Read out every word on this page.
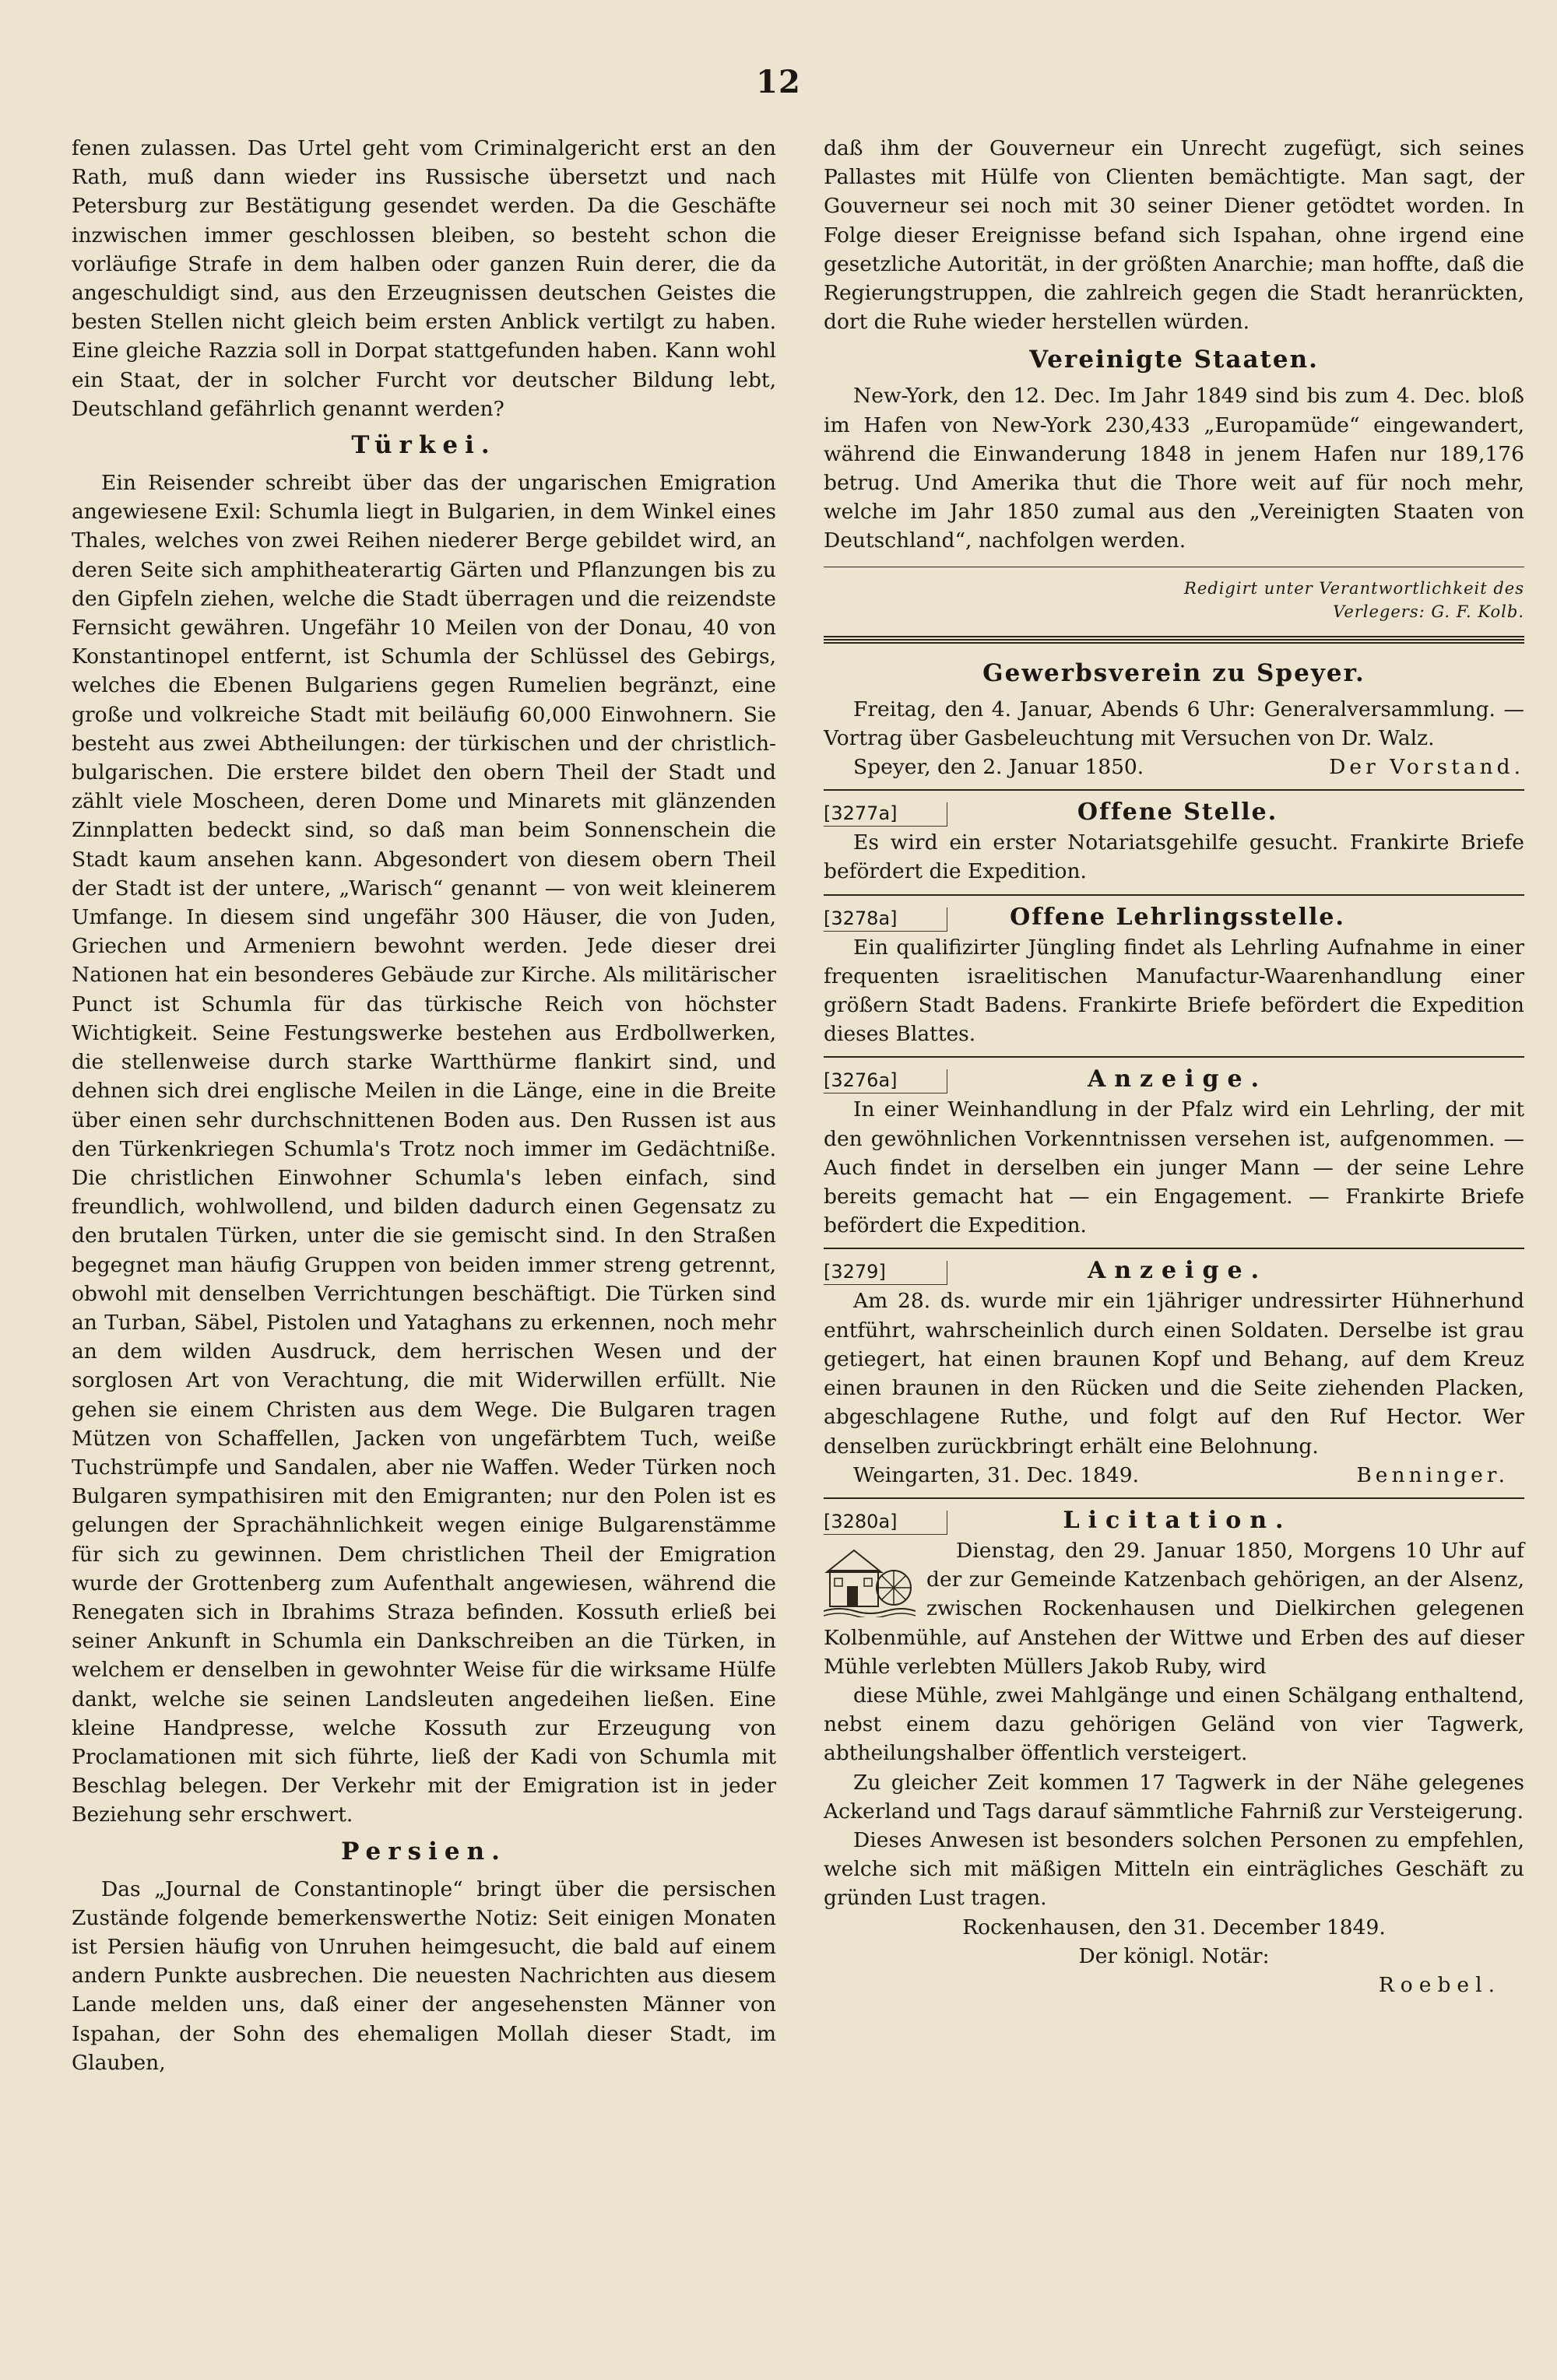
12

fenen zulassen. Das Urtel geht vom Criminalgericht erst an den Rath, muß dann wieder ins Russische übersetzt und nach Petersburg zur Bestätigung gesendet werden. Da die Geschäfte inzwischen immer geschlossen bleiben, so besteht schon die vorläufige Strafe in dem halben oder ganzen Ruin derer, die da angeschuldigt sind, aus den Erzeugnissen deutschen Geistes die besten Stellen nicht gleich beim ersten Anblick vertilgt zu haben. Eine gleiche Razzia soll in Dorpat stattgefunden haben. Kann wohl ein Staat, der in solcher Furcht vor deutscher Bildung lebt, Deutschland gefährlich genannt werden?

Türkei.

Ein Reisender schreibt über das der ungarischen Emigration angewiesene Exil: Schumla liegt in Bulgarien, in dem Winkel eines Thales, welches von zwei Reihen niederer Berge gebildet wird, an deren Seite sich amphitheaterartig Gärten und Pflanzungen bis zu den Gipfeln ziehen, welche die Stadt überragen und die reizendste Fernsicht gewähren. Ungefähr 10 Meilen von der Donau, 40 von Konstantinopel entfernt, ist Schumla der Schlüssel des Gebirgs, welches die Ebenen Bulgariens gegen Rumelien begränzt, eine große und volkreiche Stadt mit beiläufig 60,000 Einwohnern. Sie besteht aus zwei Abtheilungen: der türkischen und der christlich-bulgarischen. Die erstere bildet den obern Theil der Stadt und zählt viele Moscheen, deren Dome und Minarets mit glänzenden Zinnplatten bedeckt sind, so daß man beim Sonnenschein die Stadt kaum ansehen kann. Abgesondert von diesem obern Theil der Stadt ist der untere, „Warisch“ genannt — von weit kleinerem Umfange. In diesem sind ungefähr 300 Häuser, die von Juden, Griechen und Armeniern bewohnt werden. Jede dieser drei Nationen hat ein besonderes Gebäude zur Kirche. Als militärischer Punct ist Schumla für das türkische Reich von höchster Wichtigkeit. Seine Festungswerke bestehen aus Erdbollwerken, die stellenweise durch starke Wartthürme flankirt sind, und dehnen sich drei englische Meilen in die Länge, eine in die Breite über einen sehr durchschnittenen Boden aus. Den Russen ist aus den Türkenkriegen Schumla's Trotz noch immer im Gedächtniße. Die christlichen Einwohner Schumla's leben einfach, sind freundlich, wohlwollend, und bilden dadurch einen Gegensatz zu den brutalen Türken, unter die sie gemischt sind. In den Straßen begegnet man häufig Gruppen von beiden immer streng getrennt, obwohl mit denselben Verrichtungen beschäftigt. Die Türken sind an Turban, Säbel, Pistolen und Yataghans zu erkennen, noch mehr an dem wilden Ausdruck, dem herrischen Wesen und der sorglosen Art von Verachtung, die mit Widerwillen erfüllt. Nie gehen sie einem Christen aus dem Wege. Die Bulgaren tragen Mützen von Schaffellen, Jacken von ungefärbtem Tuch, weiße Tuchstrümpfe und Sandalen, aber nie Waffen. Weder Türken noch Bulgaren sympathisiren mit den Emigranten; nur den Polen ist es gelungen der Sprachähnlichkeit wegen einige Bulgarenstämme für sich zu gewinnen. Dem christlichen Theil der Emigration wurde der Grottenberg zum Aufenthalt angewiesen, während die Renegaten sich in Ibrahims Straza befinden. Kossuth erließ bei seiner Ankunft in Schumla ein Dankschreiben an die Türken, in welchem er denselben in gewohnter Weise für die wirksame Hülfe dankt, welche sie seinen Landsleuten angedeihen ließen. Eine kleine Handpresse, welche Kossuth zur Erzeugung von Proclamationen mit sich führte, ließ der Kadi von Schumla mit Beschlag belegen. Der Verkehr mit der Emigration ist in jeder Beziehung sehr erschwert.

Persien.

Das „Journal de Constantinople“ bringt über die persischen Zustände folgende bemerkenswerthe Notiz: Seit einigen Monaten ist Persien häufig von Unruhen heimgesucht, die bald auf einem andern Punkte ausbrechen. Die neuesten Nachrichten aus diesem Lande melden uns, daß einer der angesehensten Männer von Ispahan, der Sohn des ehemaligen Mollah dieser Stadt, im Glauben,

daß ihm der Gouverneur ein Unrecht zugefügt, sich seines Pallastes mit Hülfe von Clienten bemächtigte. Man sagt, der Gouverneur sei noch mit 30 seiner Diener getödtet worden. In Folge dieser Ereignisse befand sich Ispahan, ohne irgend eine gesetzliche Autorität, in der größten Anarchie; man hoffte, daß die Regierungstruppen, die zahlreich gegen die Stadt heranrückten, dort die Ruhe wieder herstellen würden.

Vereinigte Staaten.

New-York, den 12. Dec. Im Jahr 1849 sind bis zum 4. Dec. bloß im Hafen von New-York 230,433 „Europamüde“ eingewandert, während die Einwanderung 1848 in jenem Hafen nur 189,176 betrug. Und Amerika thut die Thore weit auf für noch mehr, welche im Jahr 1850 zumal aus den „Vereinigten Staaten von Deutschland“, nachfolgen werden.

Redigirt unter Verantwortlichkeit des
Verlegers: G. F. Kolb.
Gewerbsverein zu Speyer.

Freitag, den 4. Januar, Abends 6 Uhr: Generalversammlung. — Vortrag über Gasbeleuchtung mit Versuchen von Dr. Walz.

Speyer, den 2. Januar 1850.	Der Vorstand.
[3277a]	Offene Stelle.

Es wird ein erster Notariatsgehilfe gesucht. Frankirte Briefe befördert die Expedition.

[3278a]	Offene Lehrlingsstelle.

Ein qualifizirter Jüngling findet als Lehrling Aufnahme in einer frequenten israelitischen Manufactur-Waarenhandlung einer größern Stadt Badens. Frankirte Briefe befördert die Expedition dieses Blattes.

[3276a]	Anzeige.

In einer Weinhandlung in der Pfalz wird ein Lehrling, der mit den gewöhnlichen Vorkenntnissen versehen ist, aufgenommen. — Auch findet in derselben ein junger Mann — der seine Lehre bereits gemacht hat — ein Engagement. — Frankirte Briefe befördert die Expedition.

[3279]	Anzeige.

Am 28. ds. wurde mir ein 1jähriger undressirter Hühnerhund entführt, wahrscheinlich durch einen Soldaten. Derselbe ist grau getiegert, hat einen braunen Kopf und Behang, auf dem Kreuz einen braunen in den Rücken und die Seite ziehenden Placken, abgeschlagene Ruthe, und folgt auf den Ruf Hector. Wer denselben zurückbringt erhält eine Belohnung.

Weingarten, 31. Dec. 1849.	Benninger.
[3280a]	Licitation.

Dienstag, den 29. Januar 1850, Morgens 10 Uhr auf der zur Gemeinde Katzenbach gehörigen, an der Alsenz, zwischen Rockenhausen und Dielkirchen gelegenen Kolbenmühle, auf Anstehen der Wittwe und Erben des auf dieser Mühle verlebten Müllers Jakob Ruby, wird

diese Mühle, zwei Mahlgänge und einen Schälgang enthaltend, nebst einem dazu gehörigen Geländ von vier Tagwerk, abtheilungshalber öffentlich versteigert.

Zu gleicher Zeit kommen 17 Tagwerk in der Nähe gelegenes Ackerland und Tags darauf sämmtliche Fahrniß zur Versteigerung.

Dieses Anwesen ist besonders solchen Personen zu empfehlen, welche sich mit mäßigen Mitteln ein einträgliches Geschäft zu gründen Lust tragen.

Rockenhausen, den 31. December 1849.
Der königl. Notär:
Roebel.
